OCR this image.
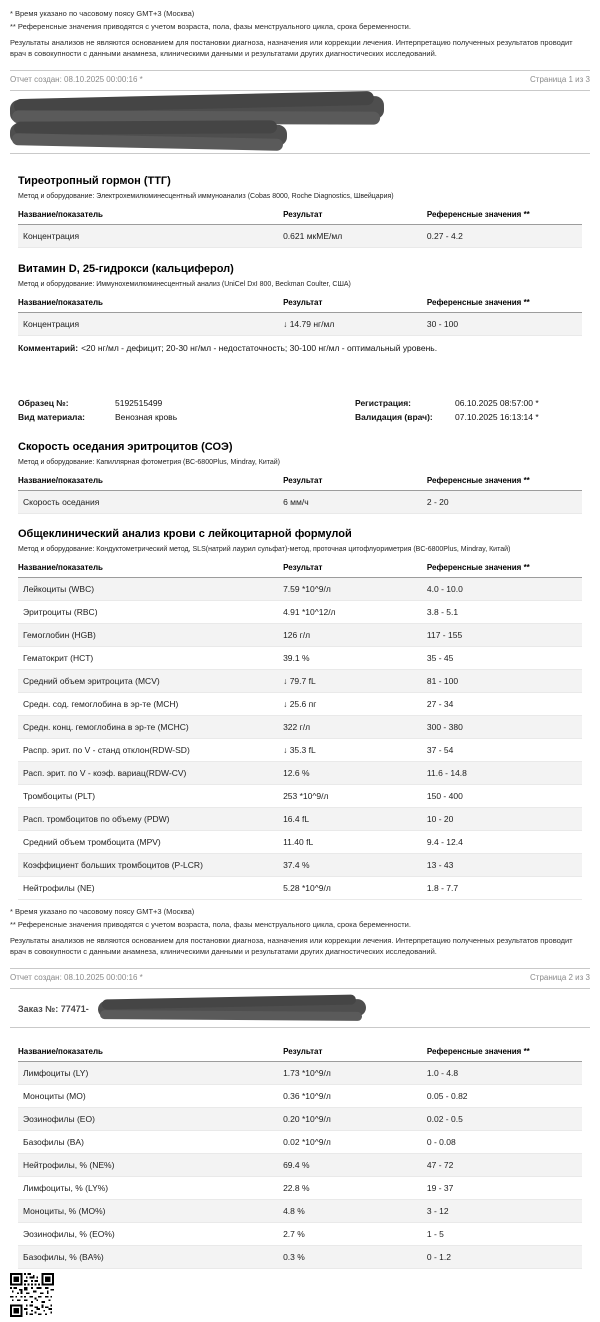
* Время указано по часовому поясу GMT+3 (Москва)

** Референсные значения приводятся с учетом возраста, пола, фазы менструального цикла, срока беременности.

Результаты анализов не являются основанием для постановки диагноза, назначения или коррекции лечения. Интерпретацию полученных результатов проводит врач в совокупности с данными анамнеза, клиническими данными и результатами других диагностических исследований.

Отчет создан: 08.10.2025 00:00:16 *	Страница 1 из 3
Тиреотропный гормон (ТТГ)

Метод и оборудование: Электрохемилюминесцентный иммуноанализ (Cobas 8000, Roche Diagnostics, Швейцария)

Название/показатель	Результат	Референсные значения **
Концентрация	0.621 мкМЕ/мл	0.27 - 4.2
Витамин D, 25-гидрокси (кальциферол)

Метод и оборудование: Иммунохемилюминесцентный анализ (UniCel DxI 800, Beckman Coulter, США)

Название/показатель	Результат	Референсные значения **
Концентрация	↓ 14.79 нг/мл	30 - 100

Комментарий: <20 нг/мл - дефицит; 20-30 нг/мл - недостаточность; 30-100 нг/мл - оптимальный уровень.

Образец №:	5192515499
Вид материала:	Венозная кровь
Регистрация:	06.10.2025 08:57:00 *
Валидация (врач):	07.10.2025 16:13:14 *
Скорость оседания эритроцитов (СОЭ)

Метод и оборудование: Капиллярная фотометрия (BC-6800Plus, Mindray, Китай)

Название/показатель	Результат	Референсные значения **
Скорость оседания	6 мм/ч	2 - 20
Общеклинический анализ крови с лейкоцитарной формулой

Метод и оборудование: Кондуктометрический метод, SLS(натрий лаурил сульфат)-метод, проточная цитофлуориметрия (BC-6800Plus, Mindray, Китай)

Название/показатель	Результат	Референсные значения **
Лейкоциты (WBC)	7.59 *10^9/л	4.0 - 10.0
Эритроциты (RBC)	4.91 *10^12/л	3.8 - 5.1
Гемоглобин (HGB)	126 г/л	117 - 155
Гематокрит (HCT)	39.1 %	35 - 45
Средний объем эритроцита (MCV)	↓ 79.7 fL	81 - 100
Средн. сод. гемоглобина в эр-те (MCH)	↓ 25.6 пг	27 - 34
Средн. конц. гемоглобина в эр-те (MCHC)	322 г/л	300 - 380
Распр. эрит. по V - станд отклон(RDW-SD)	↓ 35.3 fL	37 - 54
Расп. эрит. по V - коэф. вариац(RDW-CV)	12.6 %	11.6 - 14.8
Тромбоциты (PLT)	253 *10^9/л	150 - 400
Расп. тромбоцитов по объему (PDW)	16.4 fL	10 - 20
Средний объем тромбоцита (MPV)	11.40 fL	9.4 - 12.4
Коэффициент больших тромбоцитов (P-LCR)	37.4 %	13 - 43
Нейтрофилы (NE)	5.28 *10^9/л	1.8 - 7.7

* Время указано по часовому поясу GMT+3 (Москва)

** Референсные значения приводятся с учетом возраста, пола, фазы менструального цикла, срока беременности.

Результаты анализов не являются основанием для постановки диагноза, назначения или коррекции лечения. Интерпретацию полученных результатов проводит врач в совокупности с данными анамнеза, клиническими данными и результатами других диагностических исследований.

Отчет создан: 08.10.2025 00:00:16 *	Страница 2 из 3
Заказ №: 77471-
Название/показатель	Результат	Референсные значения **
Лимфоциты (LY)	1.73 *10^9/л	1.0 - 4.8
Моноциты (MO)	0.36 *10^9/л	0.05 - 0.82
Эозинофилы (EO)	0.20 *10^9/л	0.02 - 0.5
Базофилы (BA)	0.02 *10^9/л	0 - 0.08
Нейтрофилы, % (NE%)	69.4 %	47 - 72
Лимфоциты, % (LY%)	22.8 %	19 - 37
Моноциты, % (MO%)	4.8 %	3 - 12
Эозинофилы, % (EO%)	2.7 %	1 - 5
Базофилы, % (BA%)	0.3 %	0 - 1.2
